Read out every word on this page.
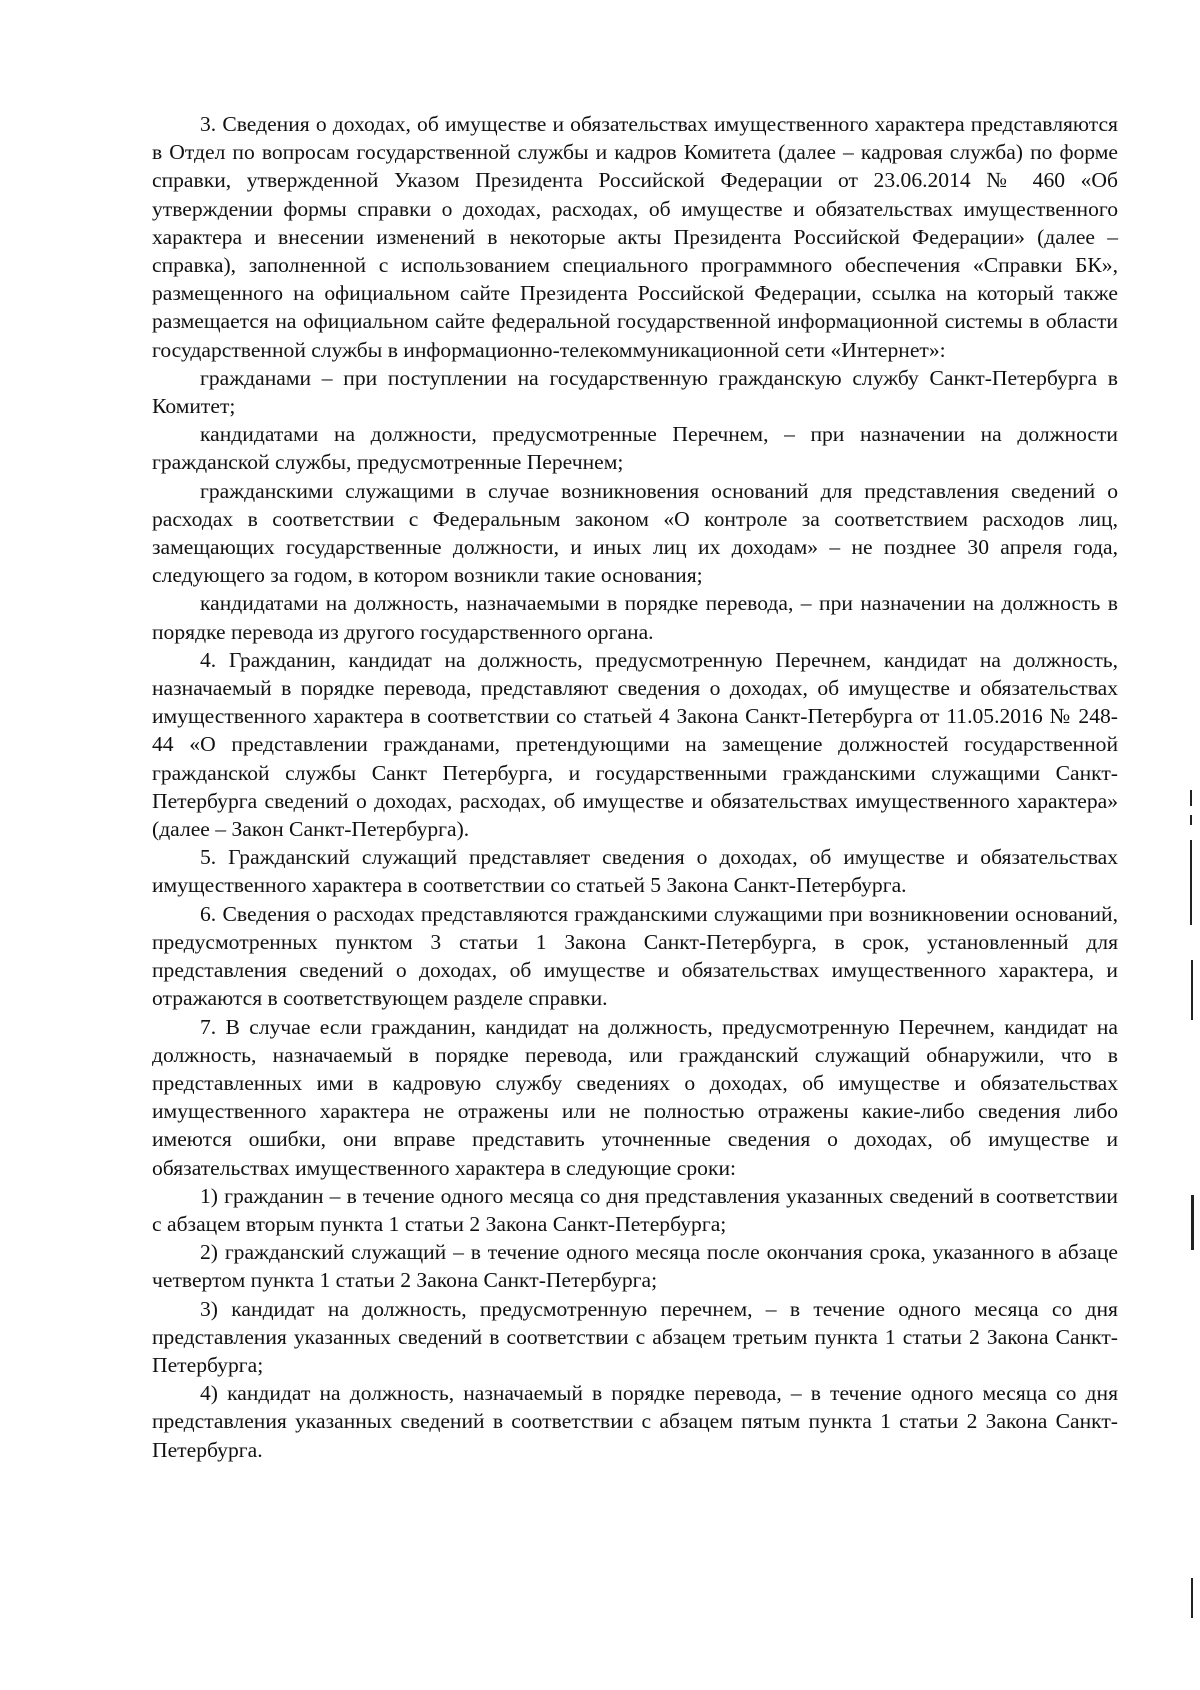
3. Сведения о доходах, об имуществе и обязательствах имущественного характера представляются в Отдел по вопросам государственной службы и кадров Комитета (далее – кадровая служба) по форме справки, утвержденной Указом Президента Российской Федерации от 23.06.2014 № 460 «Об утверждении формы справки о доходах, расходах, об имуществе и обязательствах имущественного характера и внесении изменений в некоторые акты Президента Российской Федерации» (далее – справка), заполненной с использованием специального программного обеспечения «Справки БК», размещенного на официальном сайте Президента Российской Федерации, ссылка на который также размещается на официальном сайте федеральной государственной информационной системы в области государственной службы в информационно-телекоммуникационной сети «Интернет»:

гражданами – при поступлении на государственную гражданскую службу Санкт-Петербурга в Комитет;

кандидатами на должности, предусмотренные Перечнем, – при назначении на должности гражданской службы, предусмотренные Перечнем;

гражданскими служащими в случае возникновения оснований для представления сведений о расходах в соответствии с Федеральным законом «О контроле за соответствием расходов лиц, замещающих государственные должности, и иных лиц их доходам» – не позднее 30 апреля года, следующего за годом, в котором возникли такие основания;

кандидатами на должность, назначаемыми в порядке перевода, – при назначении на должность в порядке перевода из другого государственного органа.

4. Гражданин, кандидат на должность, предусмотренную Перечнем, кандидат на должность, назначаемый в порядке перевода, представляют сведения о доходах, об имуществе и обязательствах имущественного характера в соответствии со статьей 4 Закона Санкт-Петербурга от 11.05.2016 № 248-44 «О представлении гражданами, претендующими на замещение должностей государственной гражданской службы Санкт Петербурга, и государственными гражданскими служащими Санкт-Петербурга сведений о доходах, расходах, об имуществе и обязательствах имущественного характера» (далее – Закон Санкт-Петербурга).

5. Гражданский служащий представляет сведения о доходах, об имуществе и обязательствах имущественного характера в соответствии со статьей 5 Закона Санкт-Петербурга.

6. Сведения о расходах представляются гражданскими служащими при возникновении оснований, предусмотренных пунктом 3 статьи 1 Закона Санкт-Петербурга, в срок, установленный для представления сведений о доходах, об имуществе и обязательствах имущественного характера, и отражаются в соответствующем разделе справки.

7. В случае если гражданин, кандидат на должность, предусмотренную Перечнем, кандидат на должность, назначаемый в порядке перевода, или гражданский служащий обнаружили, что в представленных ими в кадровую службу сведениях о доходах, об имуществе и обязательствах имущественного характера не отражены или не полностью отражены какие-либо сведения либо имеются ошибки, они вправе представить уточненные сведения о доходах, об имуществе и обязательствах имущественного характера в следующие сроки:

1) гражданин – в течение одного месяца со дня представления указанных сведений в соответствии с абзацем вторым пункта 1 статьи 2 Закона Санкт-Петербурга;

2) гражданский служащий – в течение одного месяца после окончания срока, указанного в абзаце четвертом пункта 1 статьи 2 Закона Санкт-Петербурга;

3) кандидат на должность, предусмотренную перечнем, – в течение одного месяца со дня представления указанных сведений в соответствии с абзацем третьим пункта 1 статьи 2 Закона Санкт-Петербурга;

4) кандидат на должность, назначаемый в порядке перевода, – в течение одного месяца со дня представления указанных сведений в соответствии с абзацем пятым пункта 1 статьи 2 Закона Санкт-Петербурга.
